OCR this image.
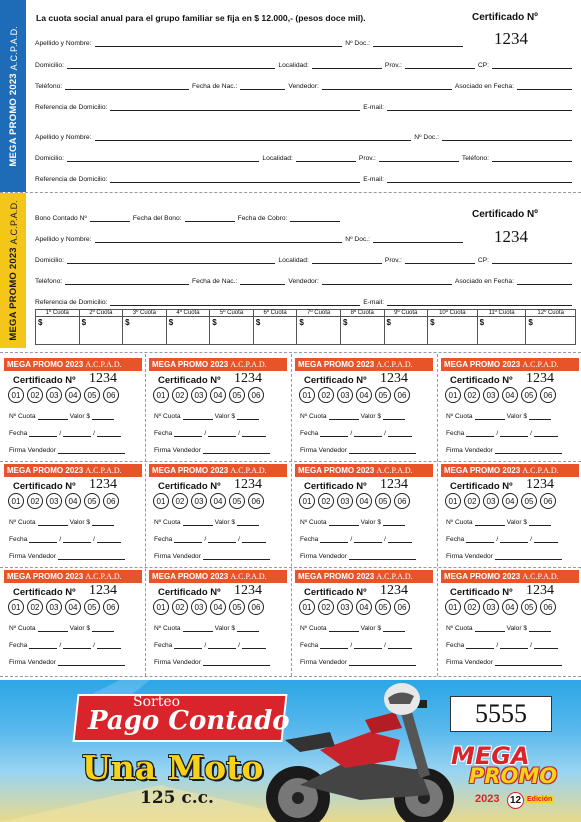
MEGA PROMO 2023 A.C.P.A.D.
La cuota social anual para el grupo familiar se fija en $ 12.000,- (pesos doce mil).	Certificado Nº
1234
Apellido y Nombre:	Nº Doc.:
Domicilio:	Localidad:	Prov.:	CP:
Teléfono:	Fecha de Nac.:	Vendedor:	Asociado en Fecha:
Referencia de Domicilio:	E-mail:
Apellido y Nombre:	Nº Doc.:
Domicilio:	Localidad:	Prov.:	Teléfono:
Referencia de Domicilio:	E-mail:
MEGA PROMO 2023 A.C.P.A.D. Bono Contado Nº	Fecha del Bono:	Fecha de Cobro:	Certificado Nº
1234
Apellido y Nombre:	Nº Doc.:
Domicilio:	Localidad:	Prov.:	CP:
Teléfono:	Fecha de Nac.:	Vendedor:	Asociado en Fecha:
Referencia de Domicilio:	E-mail:
1º Cuota	2º Cuota	3º Cuota	4º Cuota	5º Cuota	6º Cuota	7º Cuota	8º Cuota	9º Cuota	10º Cuota	11º Cuota	12º Cuota
$	$	$	$	$	$	$	$	$	$	$	$
MEGA PROMO 2023 A.C.P.A.D.
Certificado Nº 1234
01	02	03	04	05	06
Nº Cuota	Valor $
Fecha	/	/
Firma Vendedor
MEGA PROMO 2023 A.C.P.A.D.
Certificado Nº 1234
01	02	03	04	05	06
Nº Cuota	Valor $
Fecha	/	/
Firma Vendedor
MEGA PROMO 2023 A.C.P.A.D.
Certificado Nº 1234
01	02	03	04	05	06
Nº Cuota	Valor $
Fecha	/	/
Firma Vendedor
MEGA PROMO 2023 A.C.P.A.D.
Certificado Nº 1234
01	02	03	04	05	06
Nº Cuota	Valor $
Fecha	/	/
Firma Vendedor
MEGA PROMO 2023 A.C.P.A.D.
Certificado Nº 1234
01	02	03	04	05	06
Nº Cuota	Valor $
Fecha	/	/
Firma Vendedor
MEGA PROMO 2023 A.C.P.A.D.
Certificado Nº 1234
01	02	03	04	05	06
Nº Cuota	Valor $
Fecha	/	/
Firma Vendedor
MEGA PROMO 2023 A.C.P.A.D.
Certificado Nº 1234
01	02	03	04	05	06
Nº Cuota	Valor $
Fecha	/	/
Firma Vendedor
MEGA PROMO 2023 A.C.P.A.D.
Certificado Nº 1234
01	02	03	04	05	06
Nº Cuota	Valor $
Fecha	/	/
Firma Vendedor
MEGA PROMO 2023 A.C.P.A.D.
Certificado Nº 1234
01	02	03	04	05	06
Nº Cuota	Valor $
Fecha	/	/
Firma Vendedor
MEGA PROMO 2023 A.C.P.A.D.
Certificado Nº 1234
01	02	03	04	05	06
Nº Cuota	Valor $
Fecha	/	/
Firma Vendedor
MEGA PROMO 2023 A.C.P.A.D.
Certificado Nº 1234
01	02	03	04	05	06
Nº Cuota	Valor $
Fecha	/	/
Firma Vendedor
MEGA PROMO 2023 A.C.P.A.D.
Certificado Nº 1234
01	02	03	04	05	06
Nº Cuota	Valor $
Fecha	/	/
Firma Vendedor
Sorteo
Pago Contado
Una Moto
125 c.c.
5555
MEGA
PROMO
2023 12 Edición
